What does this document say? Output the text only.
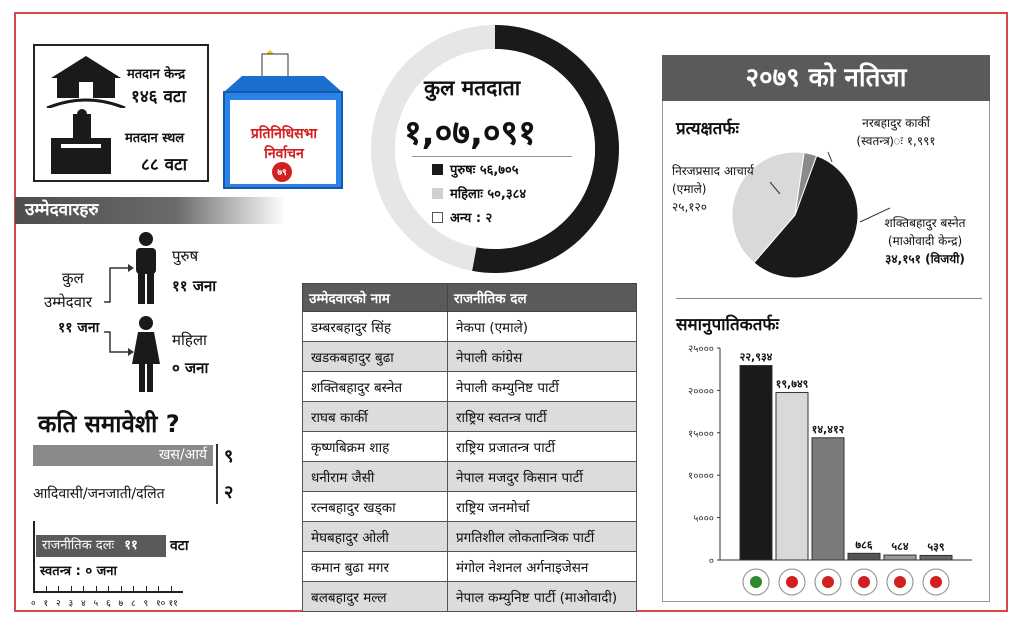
मतदान केन्द्र
१४६ वटा
मतदान स्थल
८८ वटा
प्रतिनिधिसभा
निर्वाचन
७९
उम्मेदवारहरु
कुल
उम्मेदवार
११ जना
पुरुष
११ जना
महिला
० जना
कति समावेशी ?
खस/आर्य ९
आदिवासी/जनजाती/दलित	२
राजनीतिक दलः ११	वटा
स्वतन्त्र : ० जना
० १ २ ३ ४ ५ ६ ७ ८ ९ १० ११
कुल मतदाता
१,०७,०९१
पुरुषः ५६,७०५
महिलाः ५०,३८४
अन्य : २
उम्मेदवारको नाम	राजनीतिक दल
डम्बरबहादुर सिंह	नेकपा (एमाले)
खडकबहादुर बुढा	नेपाली कांग्रेस
शक्तिबहादुर बस्नेत	नेपाली कम्युनिष्ट पार्टी
राघब कार्की	राष्ट्रिय स्वतन्त्र पार्टी
कृष्णबिक्रम शाह	राष्ट्रिय प्रजातन्त्र पार्टी
धनीराम जैसी	नेपाल मजदुर किसान पार्टी
रत्नबहादुर खड्का	राष्ट्रिय जनमोर्चा
मेघबहादुर ओली	प्रगतिशील लोकतान्त्रिक पार्टी
कमान बुढा मगर	मंगोल नेशनल अर्गनाइजेसन
बलबहादुर मल्ल	नेपाल कम्युनिष्ट पार्टी (माओवादी)
२०७९ को नतिजा
प्रत्यक्षतर्फः	नरबहादुर कार्की
(स्वतन्त्र)ः १,९९१
निरजप्रसाद आचार्य
(एमाले)
२५,१२०
शक्तिबहादुर बस्नेत
(माओवादी केन्द्र)
३४,१५१ (विजयी)
समानुपातिकतर्फः
०
५०००
१००००
१५०००
२००००
२५०००
२२,९३४
१९,७४९
१४,४१२
७८६ ५८४ ५३९
